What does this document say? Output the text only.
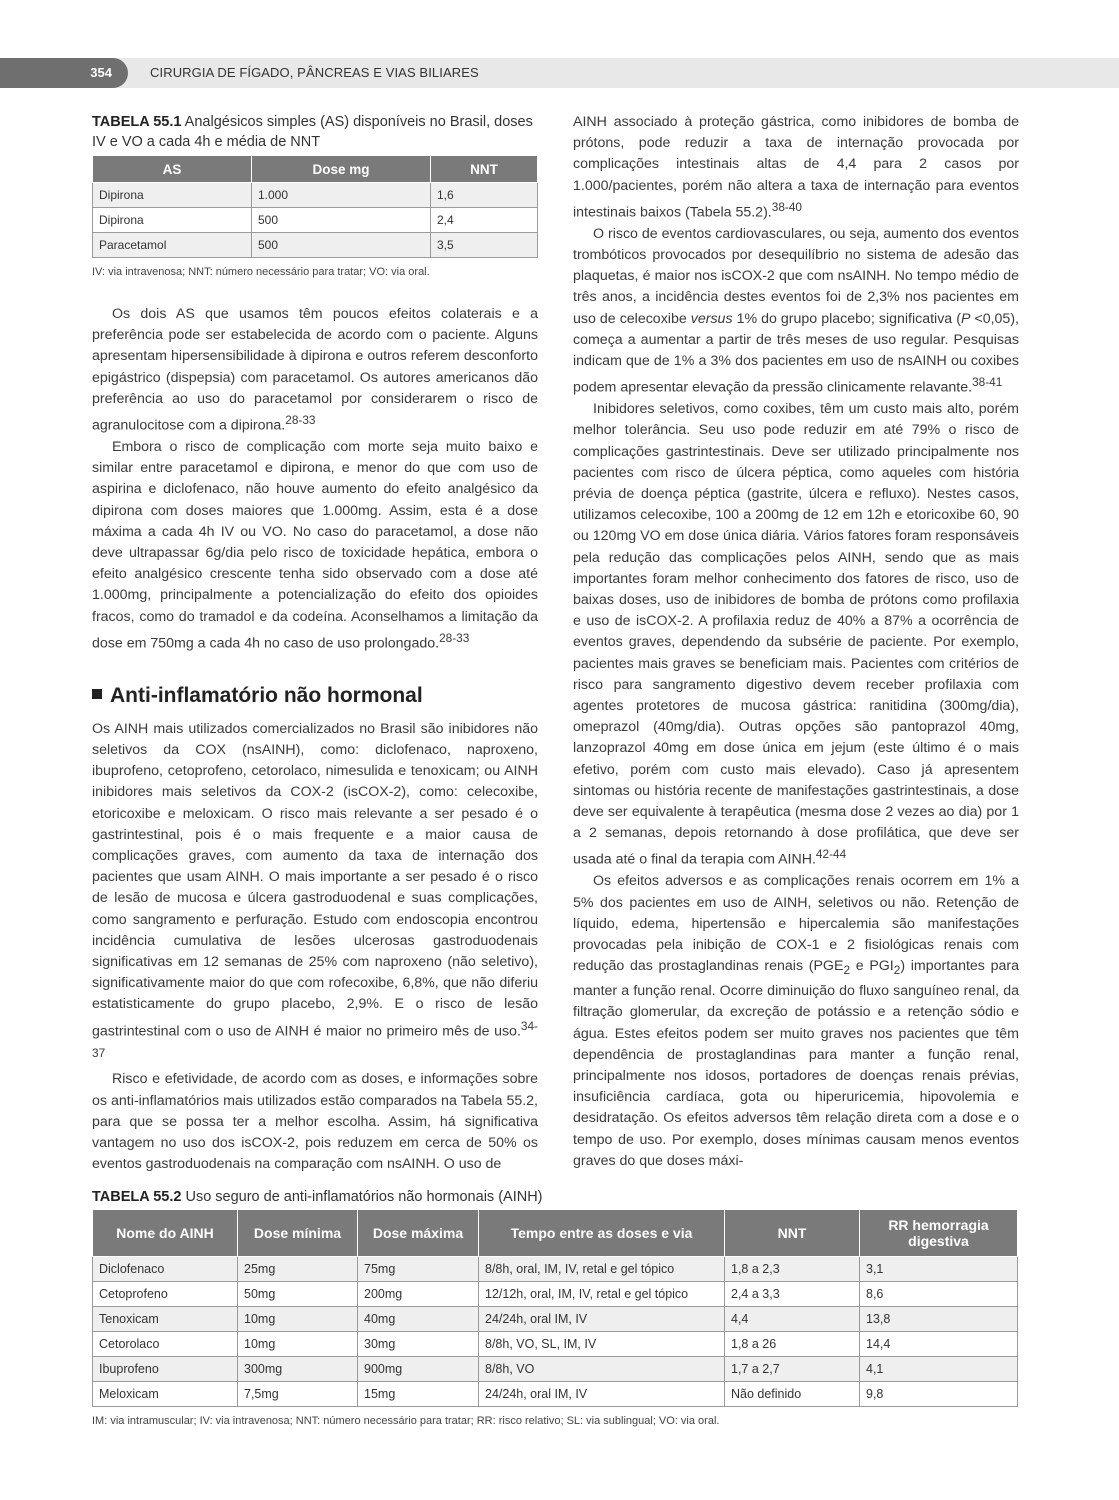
354	CIRURGIA DE FÍGADO, PÂNCREAS E VIAS BILIARES
TABELA 55.1 Analgésicos simples (AS) disponíveis no Brasil, doses IV e VO a cada 4h e média de NNT
AS	Dose mg	NNT
Dipirona	1.000	1,6
Dipirona	500	2,4
Paracetamol	500	3,5
IV: via intravenosa; NNT: número necessário para tratar; VO: via oral.

Os dois AS que usamos têm poucos efeitos colaterais e a preferência pode ser estabelecida de acordo com o paciente. Alguns apresentam hipersensibilidade à dipirona e outros referem desconforto epigástrico (dispepsia) com paracetamol. Os autores americanos dão preferência ao uso do paracetamol por considerarem o risco de agranulocitose com a dipirona.$^{28-33}$

Embora o risco de complicação com morte seja muito baixo e similar entre paracetamol e dipirona, e menor do que com uso de aspirina e diclofenaco, não houve aumento do efeito analgésico da dipirona com doses maiores que 1.000mg. Assim, esta é a dose máxima a cada 4h IV ou VO. No caso do paracetamol, a dose não deve ultrapassar 6g/dia pelo risco de toxicidade hepática, embora o efeito analgésico crescente tenha sido observado com a dose até 1.000mg, principalmente a potencialização do efeito dos opioides fracos, como do tramadol e da codeína. Aconselhamos a limitação da dose em 750mg a cada 4h no caso de uso prolongado.$^{28-33}$

Anti-inflamatório não hormonal

Os AINH mais utilizados comercializados no Brasil são inibidores não seletivos da COX (nsAINH), como: diclofenaco, naproxeno, ibuprofeno, cetoprofeno, cetorolaco, nimesulida e tenoxicam; ou AINH inibidores mais seletivos da COX-2 (isCOX-2), como: celecoxibe, etoricoxibe e meloxicam. O risco mais relevante a ser pesado é o gastrintestinal, pois é o mais frequente e a maior causa de complicações graves, com aumento da taxa de internação dos pacientes que usam AINH. O mais importante a ser pesado é o risco de lesão de mucosa e úlcera gastroduodenal e suas complicações, como sangramento e perfuração. Estudo com endoscopia encontrou incidência cumulativa de lesões ulcerosas gastroduodenais significativas em 12 semanas de 25% com naproxeno (não seletivo), significativamente maior do que com rofecoxibe, 6,8%, que não diferiu estatisticamente do grupo placebo, 2,9%. E o risco de lesão gastrintestinal com o uso de AINH é maior no primeiro mês de uso.$^{34-37}$

Risco e efetividade, de acordo com as doses, e informações sobre os anti-inflamatórios mais utilizados estão comparados na Tabela 55.2, para que se possa ter a melhor escolha. Assim, há significativa vantagem no uso dos isCOX-2, pois reduzem em cerca de 50% os eventos gastroduodenais na comparação com nsAINH. O uso de

AINH associado à proteção gástrica, como inibidores de bomba de prótons, pode reduzir a taxa de internação provocada por complicações intestinais altas de 4,4 para 2 casos por 1.000/pacientes, porém não altera a taxa de internação para eventos intestinais baixos (Tabela 55.2).$^{38-40}$

O risco de eventos cardiovasculares, ou seja, aumento dos eventos trombóticos provocados por desequilíbrio no sistema de adesão das plaquetas, é maior nos isCOX-2 que com nsAINH. No tempo médio de três anos, a incidência destes eventos foi de 2,3% nos pacientes em uso de celecoxibe versus 1% do grupo placebo; significativa (P <0,05), começa a aumentar a partir de três meses de uso regular. Pesquisas indicam que de 1% a 3% dos pacientes em uso de nsAINH ou coxibes podem apresentar elevação da pressão clinicamente relavante.$^{38-41}$

Inibidores seletivos, como coxibes, têm um custo mais alto, porém melhor tolerância. Seu uso pode reduzir em até 79% o risco de complicações gastrintestinais. Deve ser utilizado principalmente nos pacientes com risco de úlcera péptica, como aqueles com história prévia de doença péptica (gastrite, úlcera e refluxo). Nestes casos, utilizamos celecoxibe, 100 a 200mg de 12 em 12h e etoricoxibe 60, 90 ou 120mg VO em dose única diária. Vários fatores foram responsáveis pela redução das complicações pelos AINH, sendo que as mais importantes foram melhor conhecimento dos fatores de risco, uso de baixas doses, uso de inibidores de bomba de prótons como profilaxia e uso de isCOX-2. A profilaxia reduz de 40% a 87% a ocorrência de eventos graves, dependendo da subsérie de paciente. Por exemplo, pacientes mais graves se beneficiam mais. Pacientes com critérios de risco para sangramento digestivo devem receber profilaxia com agentes protetores de mucosa gástrica: ranitidina (300mg/dia), omeprazol (40mg/dia). Outras opções são pantoprazol 40mg, lanzoprazol 40mg em dose única em jejum (este último é o mais efetivo, porém com custo mais elevado). Caso já apresentem sintomas ou história recente de manifestações gastrintestinais, a dose deve ser equivalente à terapêutica (mesma dose 2 vezes ao dia) por 1 a 2 semanas, depois retornando à dose profilática, que deve ser usada até o final da terapia com AINH.$^{42-44}$

Os efeitos adversos e as complicações renais ocorrem em 1% a 5% dos pacientes em uso de AINH, seletivos ou não. Retenção de líquido, edema, hipertensão e hipercalemia são manifestações provocadas pela inibição de COX-1 e 2 fisiológicas renais com redução das prostaglandinas renais ($PGE_2$ e $PGI_2$) importantes para manter a função renal. Ocorre diminuição do fluxo sanguíneo renal, da filtração glomerular, da excreção de potássio e a retenção sódio e água. Estes efeitos podem ser muito graves nos pacientes que têm dependência de prostaglandinas para manter a função renal, principalmente nos idosos, portadores de doenças renais prévias, insuficiência cardíaca, gota ou hiperuricemia, hipovolemia e desidratação. Os efeitos adversos têm relação direta com a dose e o tempo de uso. Por exemplo, doses mínimas causam menos eventos graves do que doses máxi-

TABELA 55.2 Uso seguro de anti-inflamatórios não hormonais (AINH)
Nome do AINH	Dose mínima	Dose máxima	Tempo entre as doses e via	NNT	RR hemorragia digestiva
Diclofenaco	25mg	75mg	8/8h, oral, IM, IV, retal e gel tópico	1,8 a 2,3	3,1
Cetoprofeno	50mg	200mg	12/12h, oral, IM, IV, retal e gel tópico	2,4 a 3,3	8,6
Tenoxicam	10mg	40mg	24/24h, oral IM, IV	4,4	13,8
Cetorolaco	10mg	30mg	8/8h, VO, SL, IM, IV	1,8 a 26	14,4
Ibuprofeno	300mg	900mg	8/8h, VO	1,7 a 2,7	4,1
Meloxicam	7,5mg	15mg	24/24h, oral IM, IV	Não definido	9,8
IM: via intramuscular; IV: via intravenosa; NNT: número necessário para tratar; RR: risco relativo; SL: via sublingual; VO: via oral.
